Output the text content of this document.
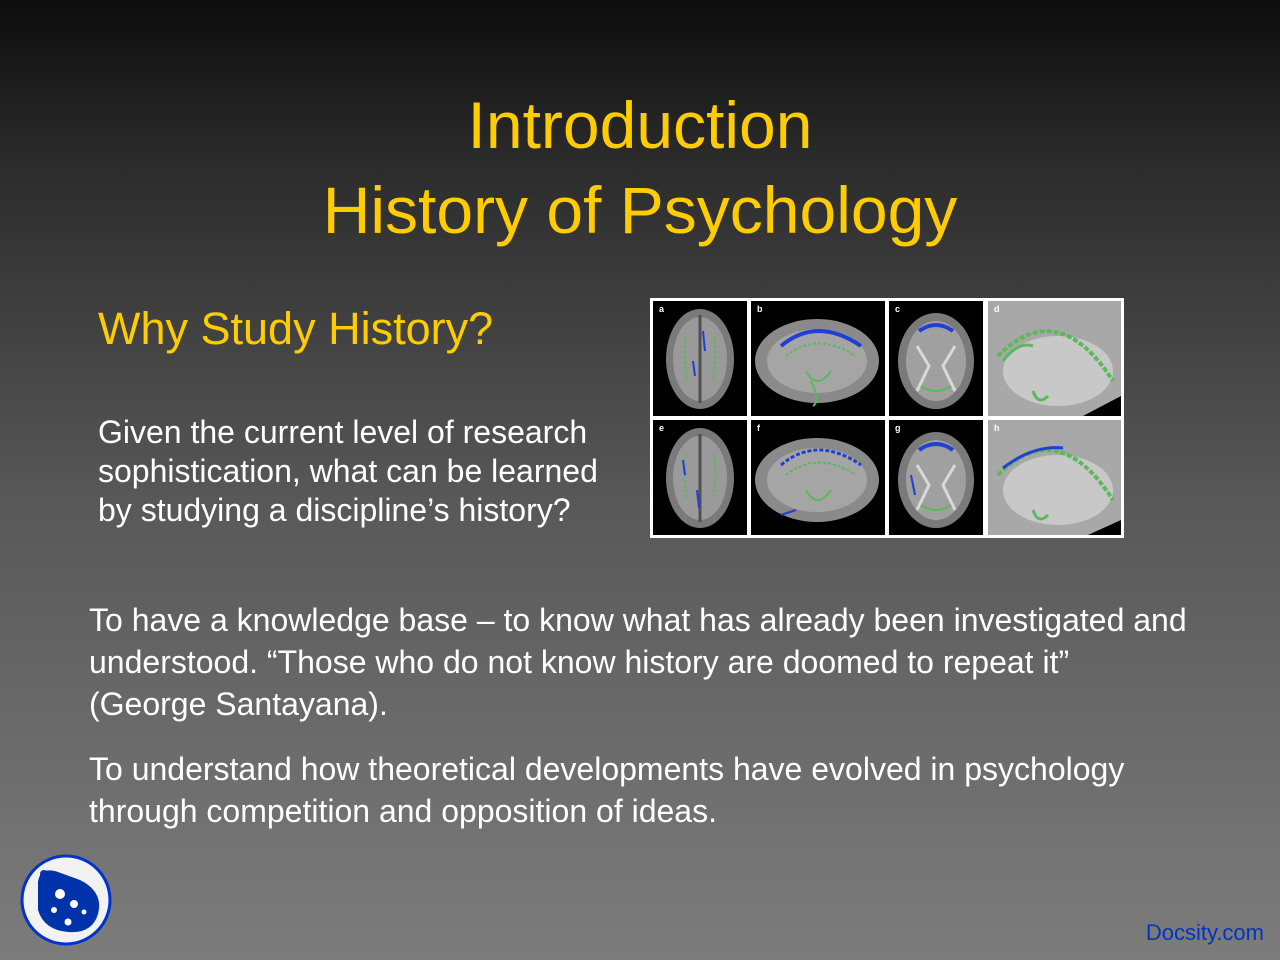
Introduction
History of Psychology
Why Study History?
Given the current level of research sophistication, what can be learned by studying a discipline’s history?
a	b	c	d
e	f	g	h
To have a knowledge base – to know what has already been investigated and understood. “Those who do not know history are doomed to repeat it” (George Santayana).
To understand how theoretical developments have evolved in psychology through competition and opposition of ideas.
Docsity.com
